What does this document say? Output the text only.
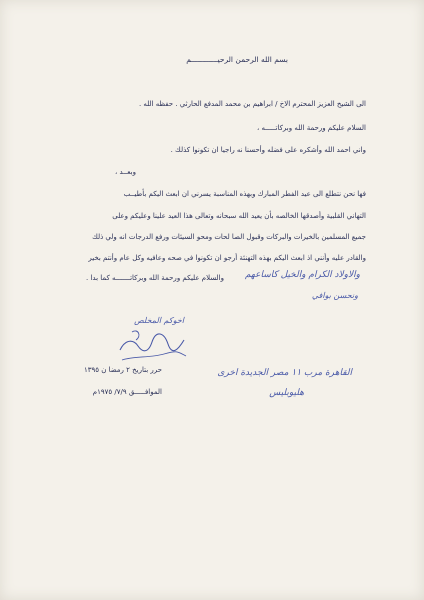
بسم الله الرحمن الرحيــــــــــــم
الى الشيخ العزيز المحترم الاخ / ابراهيم بن محمد المدفع الحارثي . حفظه الله .
السلام عليكم ورحمة الله وبركاتـــــه ،
واني احمد الله وأشكره على فضله وأحسنا نه راجيا ان تكونوا كذلك .
وبعــد ،
فها نحن نتطلع الى عيد الفطر المبارك وبهذه المناسبة يسرني ان ابعث اليكم بأطيــب
التهاني القلبية وأصدقها الخالصه بأن يعيد الله سبحانه وتعالى هذا العيد علينا وعليكم وعلى
جميع المسلمين بالخيرات والبركات وقبول الصا لحات ومحو السيئات ورفع الدرجات انه ولي ذلك
والقادر عليه وأنني اذ ابعث اليكم بهذه التهنئة أرجو ان تكونوا في صحه وعافيه وكل عام وأنتم بخير
والسلام عليكم ورحمة الله وبركاتـــــــه كما بدا . والاولاد الكرام والخيل كاساعهم
ونحسن بوافي
اخوكم المخلص
حرر بتاريخ ٢ رمضا ن ١٣٩٥
الموافـــــق ٧/٩/ ١٩٧٥م
القاهرة مرب ١١ مصر الجديدة اخرى
هليوبليس
